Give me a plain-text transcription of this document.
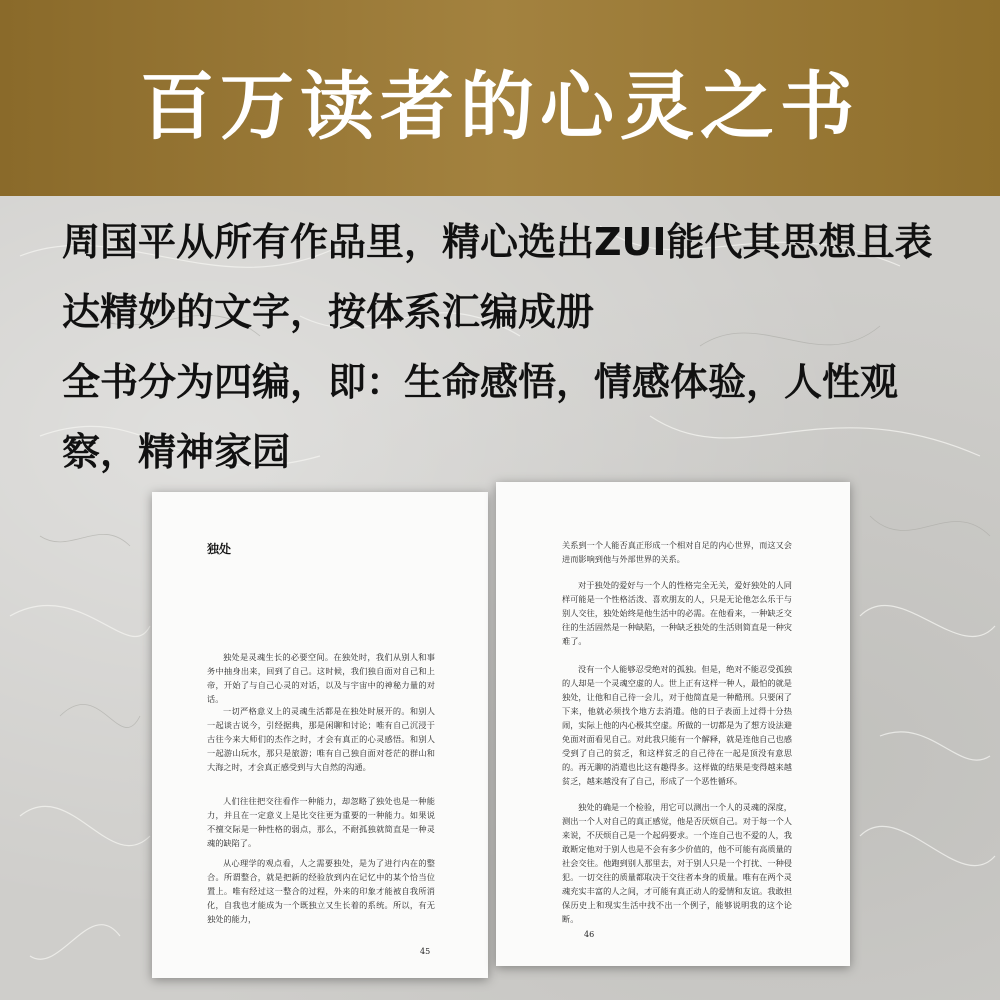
百万读者的心灵之书
周国平从所有作品里，精心选出ZUI能代其思想且表
达精妙的文字，按体系汇编成册
全书分为四编，即：生命感悟，情感体验，人性观
察，精神家园
独处

独处是灵魂生长的必要空间。在独处时，我们从别人和事务中抽身出来，回到了自己。这时候，我们独自面对自己和上帝，开始了与自己心灵的对话，以及与宇宙中的神秘力量的对话。

一切严格意义上的灵魂生活都是在独处时展开的。和别人一起谈古说今，引经据典，那是闲聊和讨论；唯有自己沉浸于古往今来大师们的杰作之时，才会有真正的心灵感悟。和别人一起游山玩水，那只是旅游；唯有自己独自面对苍茫的群山和大海之时，才会真正感受到与大自然的沟通。

人们往往把交往看作一种能力，却忽略了独处也是一种能力，并且在一定意义上是比交往更为重要的一种能力。如果说不擅交际是一种性格的弱点，那么，不耐孤独就简直是一种灵魂的缺陷了。

从心理学的观点看，人之需要独处，是为了进行内在的整合。所谓整合，就是把新的经验放到内在记忆中的某个恰当位置上。唯有经过这一整合的过程，外来的印象才能被自我所消化，自我也才能成为一个既独立又生长着的系统。所以，有无独处的能力，

45

关系到一个人能否真正形成一个相对自足的内心世界，而这又会进而影响到他与外部世界的关系。

对于独处的爱好与一个人的性格完全无关，爱好独处的人同样可能是一个性格活泼、喜欢朋友的人，只是无论他怎么乐于与别人交往，独处始终是他生活中的必需。在他看来，一种缺乏交往的生活固然是一种缺陷，一种缺乏独处的生活则简直是一种灾难了。

没有一个人能够忍受绝对的孤独。但是，绝对不能忍受孤独的人却是一个灵魂空虚的人。世上正有这样一种人，最怕的就是独处，让他和自己待一会儿，对于他简直是一种酷刑。只要闲了下来，他就必须找个地方去消遣。他的日子表面上过得十分热闹，实际上他的内心极其空虚。所做的一切都是为了想方设法避免面对面看见自己。对此我只能有一个解释，就是连他自己也感受到了自己的贫乏，和这样贫乏的自己待在一起是顶没有意思的。再无聊的消遣也比这有趣得多。这样做的结果是变得越来越贫乏，越来越没有了自己，形成了一个恶性循环。

独处的确是一个检验，用它可以测出一个人的灵魂的深度，测出一个人对自己的真正感觉，他是否厌烦自己。对于每一个人来说，不厌烦自己是一个起码要求。一个连自己也不爱的人，我敢断定他对于别人也是不会有多少价值的，他不可能有高质量的社会交往。他跑到别人那里去，对于别人只是一个打扰、一种侵犯。一切交往的质量都取决于交往者本身的质量。唯有在两个灵魂充实丰富的人之间，才可能有真正动人的爱情和友谊。我敢担保历史上和现实生活中找不出一个例子，能够说明我的这个论断。

46
